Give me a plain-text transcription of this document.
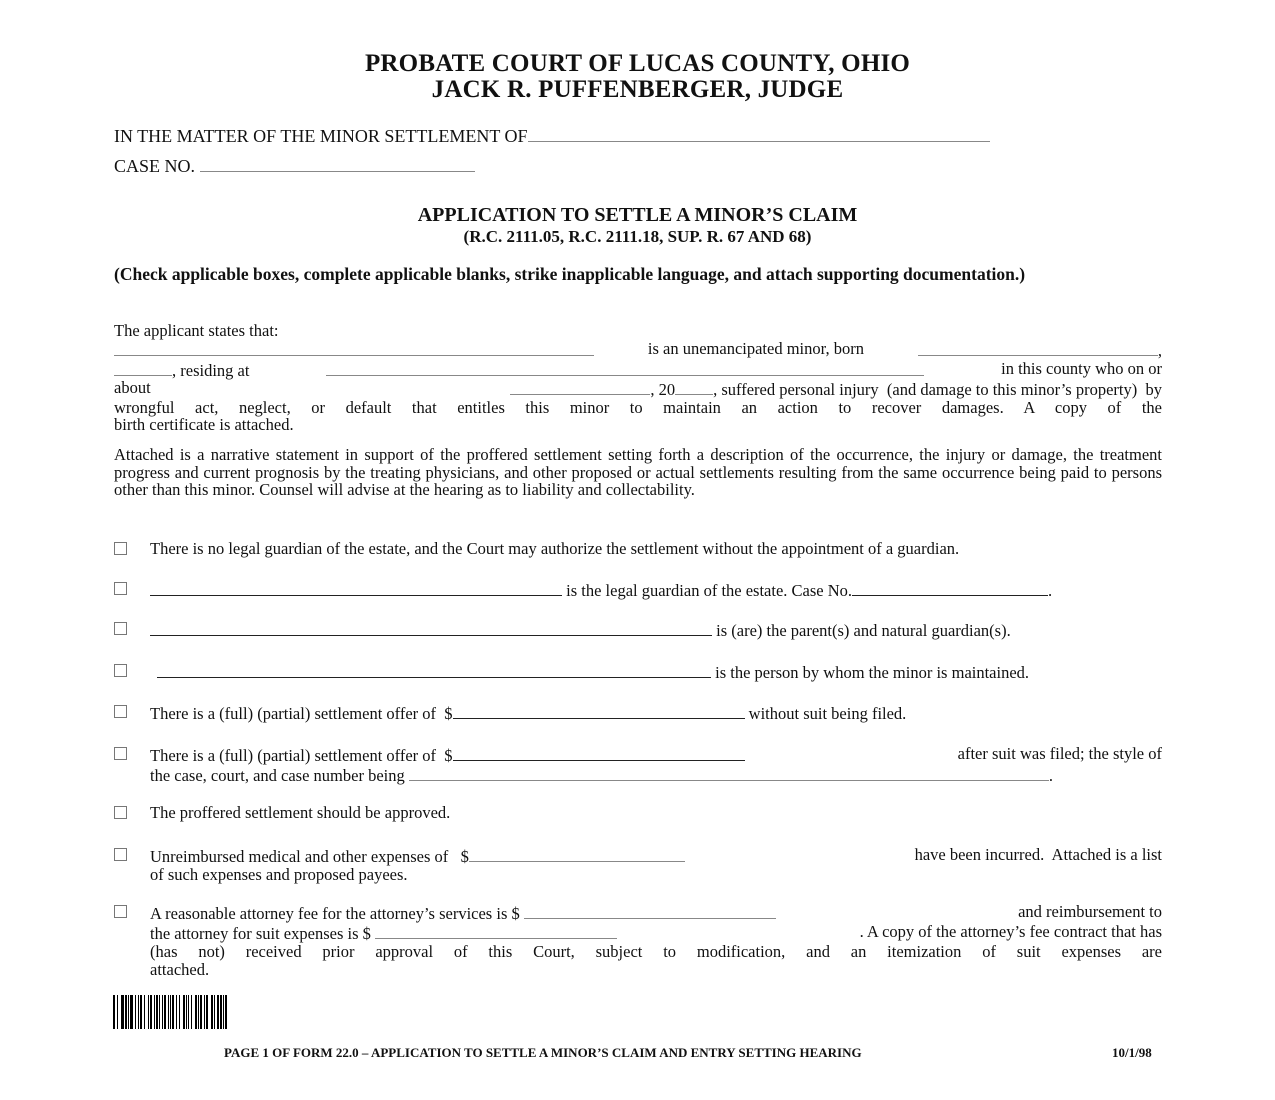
PROBATE COURT OF LUCAS COUNTY, OHIO
JACK R. PUFFENBERGER, JUDGE
IN THE MATTER OF THE MINOR SETTLEMENT OF
CASE NO.
APPLICATION TO SETTLE A MINOR’S CLAIM
(R.C. 2111.05, R.C. 2111.18, SUP. R. 67 AND 68)
(Check applicable boxes, complete applicable blanks, strike inapplicable language, and attach supporting documentation.)
The applicant states that:
is an unemancipated minor, born	,
, residing at	in this county who on or
about	, 20 , suffered personal injury  (and damage to this minor’s property)  by
wrongful act, neglect, or default that entitles this minor to maintain an action to recover damages. A copy of the
birth certificate is attached.
Attached is a narrative statement in support of the proffered settlement setting forth a description of the occurrence, the injury or damage, the treatment progress and current prognosis by the treating physicians, and other proposed or actual settlements resulting from the same occurrence being paid to persons other than this minor. Counsel will advise at the hearing as to liability and collectability.
There is no legal guardian of the estate, and the Court may authorize the settlement without the appointment of a guardian.
is the legal guardian of the estate. Case No.	.
is (are) the parent(s) and natural guardian(s).
is the person by whom the minor is maintained.
There is a (full) (partial) settlement offer of  $	without suit being filed.
There is a (full) (partial) settlement offer of  $	after suit was filed; the style of
the case, court, and case number being	.
The proffered settlement should be approved.
Unreimbursed medical and other expenses of   $	have been incurred.  Attached is a list
of such expenses and proposed payees.
A reasonable attorney fee for the attorney’s services is $	and reimbursement to
the attorney for suit expenses is $	. A copy of the attorney’s fee contract that has
(has not) received prior approval of this Court, subject to modification, and an itemization of suit expenses are
attached.
PAGE 1 OF FORM 22.0 – APPLICATION TO SETTLE A MINOR’S CLAIM AND ENTRY SETTING HEARING	10/1/98
